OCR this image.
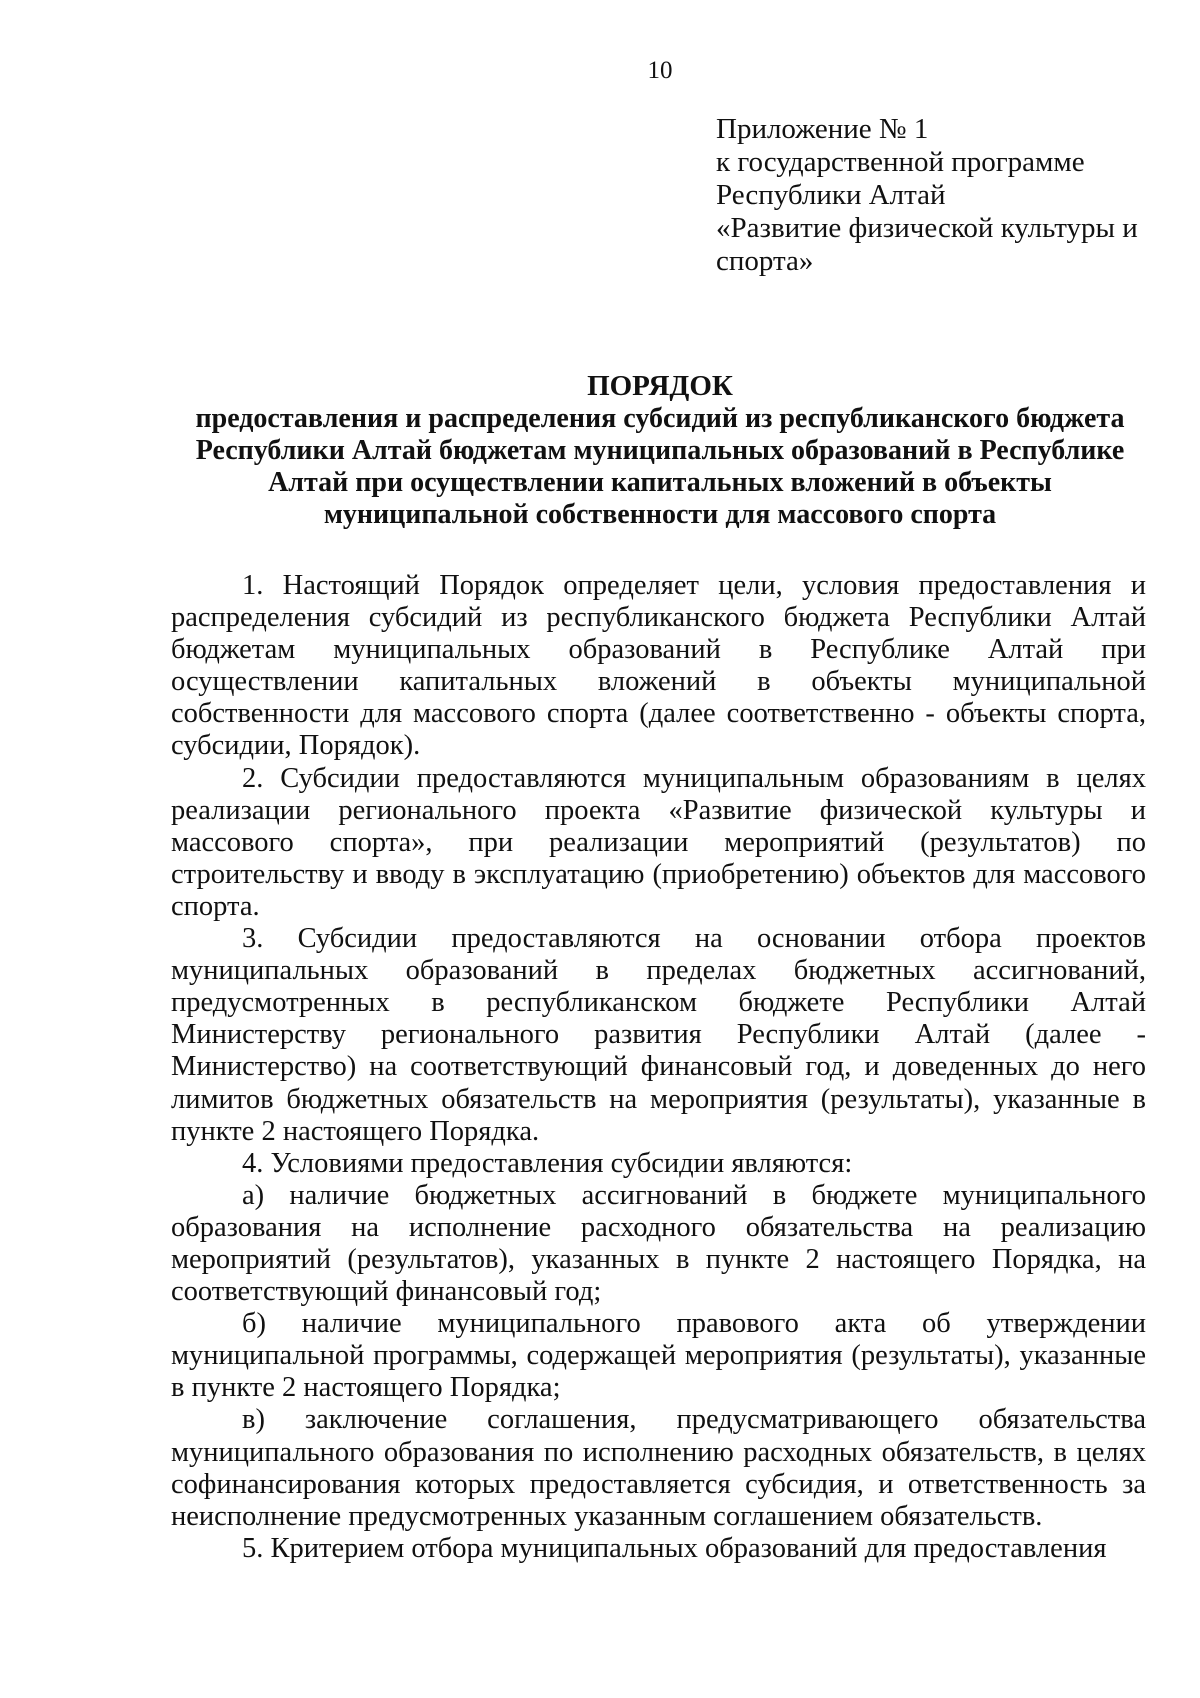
10
Приложение № 1
к государственной программе
Республики Алтай
«Развитие физической культуры и
спорта»
ПОРЯДОК
предоставления и распределения субсидий из республиканского бюджета
Республики Алтай бюджетам муниципальных образований в Республике
Алтай при осуществлении капитальных вложений в объекты
муниципальной собственности для массового спорта
1. Настоящий Порядок определяет цели, условия предоставления и
распределения субсидий из республиканского бюджета Республики Алтай
бюджетам муниципальных образований в Республике Алтай при
осуществлении капитальных вложений в объекты муниципальной
собственности для массового спорта (далее соответственно - объекты спорта,
субсидии, Порядок).
2. Субсидии предоставляются муниципальным образованиям в целях
реализации регионального проекта «Развитие физической культуры и
массового спорта», при реализации мероприятий (результатов) по
строительству и вводу в эксплуатацию (приобретению) объектов для массового
спорта.
3. Субсидии предоставляются на основании отбора проектов
муниципальных образований в пределах бюджетных ассигнований,
предусмотренных в республиканском бюджете Республики Алтай
Министерству регионального развития Республики Алтай (далее -
Министерство) на соответствующий финансовый год, и доведенных до него
лимитов бюджетных обязательств на мероприятия (результаты), указанные в
пункте 2 настоящего Порядка.
4. Условиями предоставления субсидии являются:
а) наличие бюджетных ассигнований в бюджете муниципального
образования на исполнение расходного обязательства на реализацию
мероприятий (результатов), указанных в пункте 2 настоящего Порядка, на
соответствующий финансовый год;
б) наличие муниципального правового акта об утверждении
муниципальной программы, содержащей мероприятия (результаты), указанные
в пункте 2 настоящего Порядка;
в) заключение соглашения, предусматривающего обязательства
муниципального образования по исполнению расходных обязательств, в целях
софинансирования которых предоставляется субсидия, и ответственность за
неисполнение предусмотренных указанным соглашением обязательств.
5. Критерием отбора муниципальных образований для предоставления
